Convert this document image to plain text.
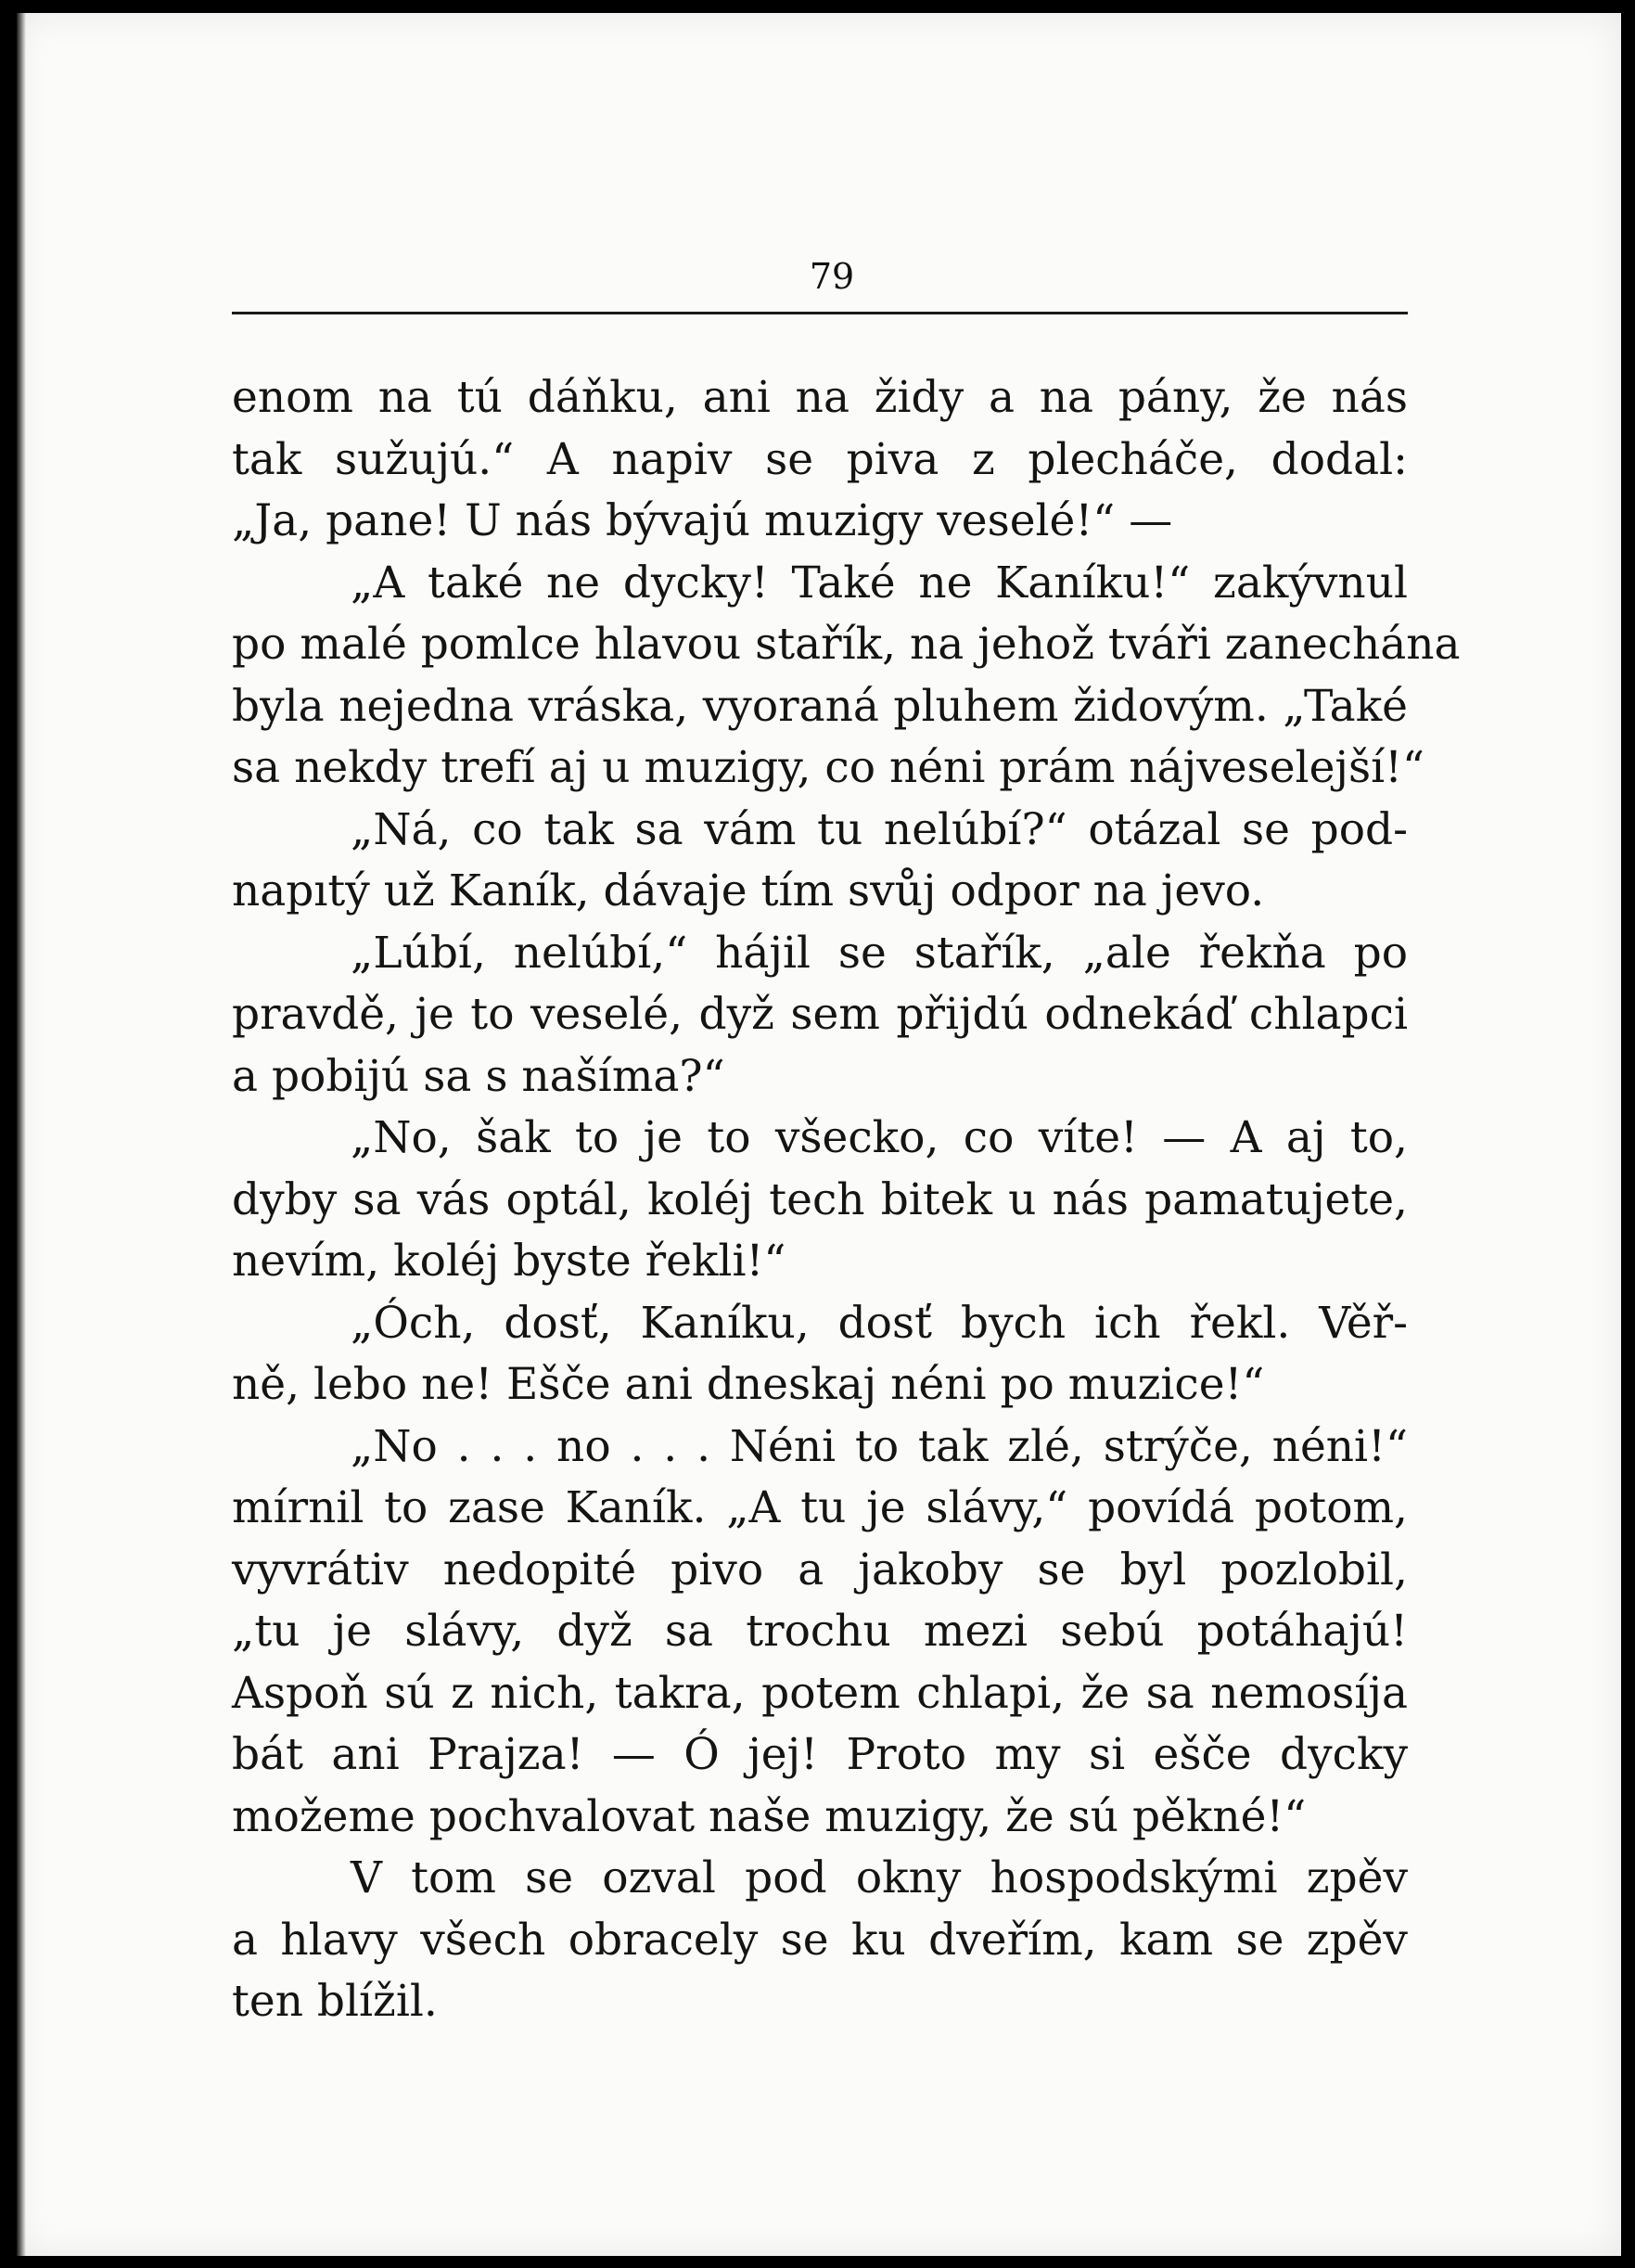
79

enom na tú dáňku, ani na židy a na pány, že nás
tak sužujú.“ A napiv se piva z plecháče, dodal:
„Ja, pane! U nás bývajú muzigy veselé!“ —
„A také ne dycky! Také ne Kaníku!“ zakývnul
po malé pomlce hlavou stařík, na jehož tváři zanechána
byla nejedna vráska, vyoraná pluhem židovým. „Také
sa nekdy trefí aj u muzigy, co néni prám nájveselejší!“
„Ná, co tak sa vám tu nelúbí?“ otázal se pod-
napıtý už Kaník, dávaje tím svůj odpor na jevo.
„Lúbí, nelúbí,“ hájil se stařík, „ale řekňa po
pravdě, je to veselé, dyž sem přijdú odnekáď chlapci
a pobijú sa s našíma?“
„No, šak to je to všecko, co víte! — A aj to,
dyby sa vás optál, koléj tech bitek u nás pamatujete,
nevím, koléj byste řekli!“
„Óch, dosť, Kaníku, dosť bych ich řekl. Věř-
ně, lebo ne! Ešče ani dneskaj néni po muzice!“
„No . . . no . . . Néni to tak zlé, strýče, néni!“
mírnil to zase Kaník. „A tu je slávy,“ povídá potom,
vyvrátiv nedopité pivo a jakoby se byl pozlobil,
„tu je slávy, dyž sa trochu mezi sebú potáhajú!
Aspoň sú z nich, takra, potem chlapi, že sa nemosíja
bát ani Prajza! — Ó jej! Proto my si ešče dycky
možeme pochvalovat naše muzigy, že sú pěkné!“
V tom se ozval pod okny hospodskými zpěv
a hlavy všech obracely se ku dveřím, kam se zpěv
ten blížil.
